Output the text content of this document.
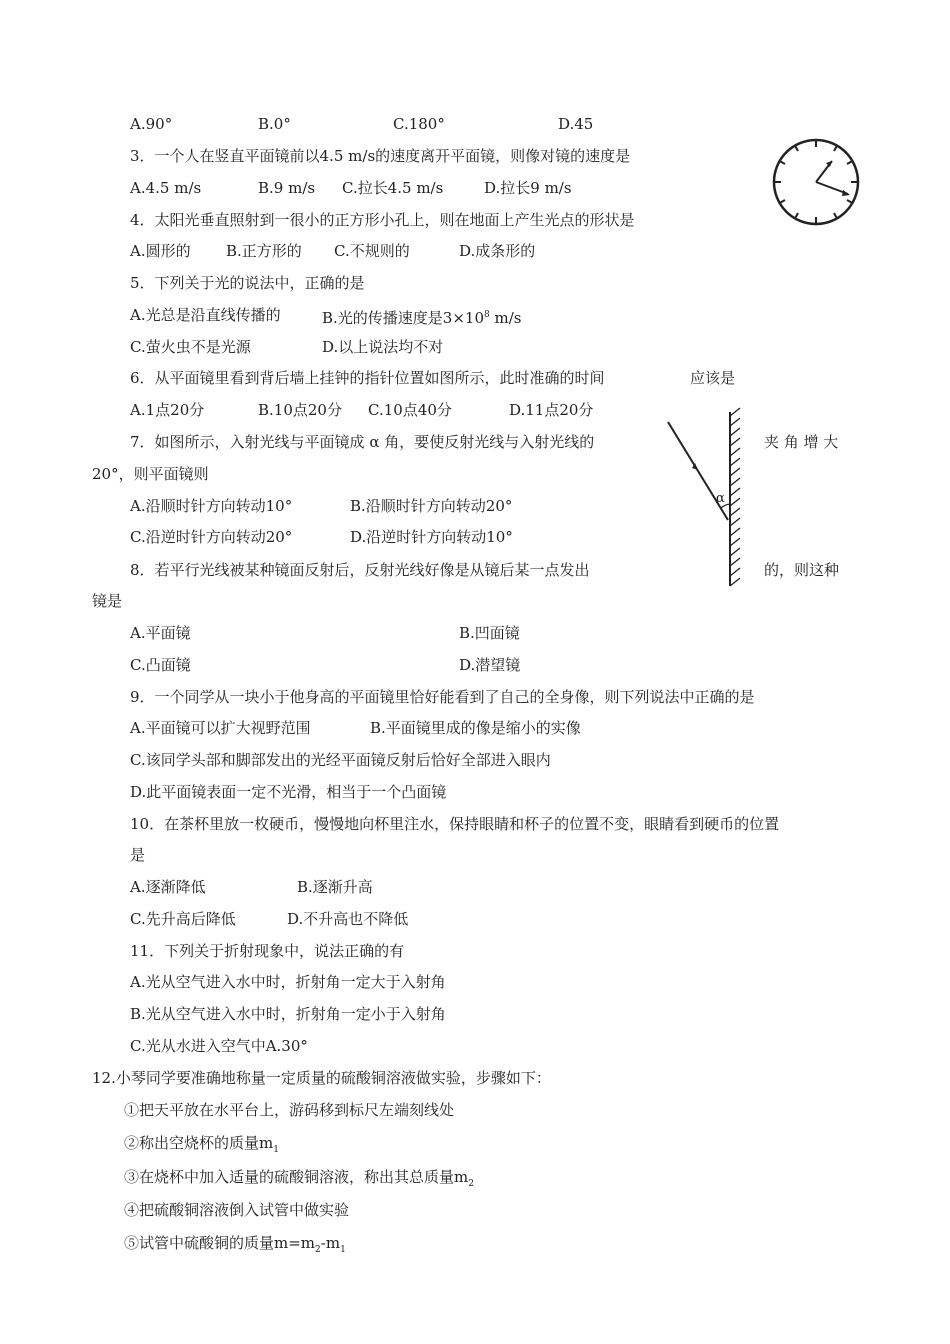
A.90°	B.0°	C.180°	D.45
3．一个人在竖直平面镜前以4.5 m/s的速度离开平面镜，则像对镜的速度是
A.4.5 m/s	B.9 m/s C.拉长4.5 m/s	D.拉长9 m/s
4．太阳光垂直照射到一很小的正方形小孔上，则在地面上产生光点的形状是
A.圆形的 B.正方形的 C.不规则的	D.成条形的
5．下列关于光的说法中，正确的是
A.光总是沿直线传播的	B.光的传播速度是$3\times 10^8$ m/s
C.萤火虫不是光源	D.以上说法均不对
6．从平面镜里看到背后墙上挂钟的指针位置如图所示，此时准确的时间	应该是
A.1点20分	B.10点20分 C.10点40分	D.11点20分
7．如图所示，入射光线与平面镜成 α 角，要使反射光线与入射光线的	夹 角 增 大
20°，则平面镜则
A.沿顺时针方向转动10°	B.沿顺时针方向转动20°
C.沿逆时针方向转动20°	D.沿逆时针方向转动10°
α
8．若平行光线被某种镜面反射后，反射光线好像是从镜后某一点发出	的，则这种
镜是
A.平面镜	B.凹面镜
C.凸面镜	D.潜望镜
9．一个同学从一块小于他身高的平面镜里恰好能看到了自己的全身像，则下列说法中正确的是
A.平面镜可以扩大视野范围	B.平面镜里成的像是缩小的实像
C.该同学头部和脚部发出的光经平面镜反射后恰好全部进入眼内
D.此平面镜表面一定不光滑，相当于一个凸面镜
10．在茶杯里放一枚硬币，慢慢地向杯里注水，保持眼睛和杯子的位置不变，眼睛看到硬币的位置
是
A.逐渐降低	B.逐渐升高
C.先升高后降低	D.不升高也不降低
11．下列关于折射现象中，说法正确的有
A.光从空气进入水中时，折射角一定大于入射角
B.光从空气进入水中时，折射角一定小于入射角
C.光从水进入空气中A.30°
12.小琴同学要准确地称量一定质量的硫酸铜溶液做实验，步骤如下：
①把天平放在水平台上，游码移到标尺左端刻线处
②称出空烧杯的质量$m_1$
③在烧杯中加入适量的硫酸铜溶液，称出其总质量$m_2$
④把硫酸铜溶液倒入试管中做实验
⑤试管中硫酸铜的质量$m=m_2-m_1$
